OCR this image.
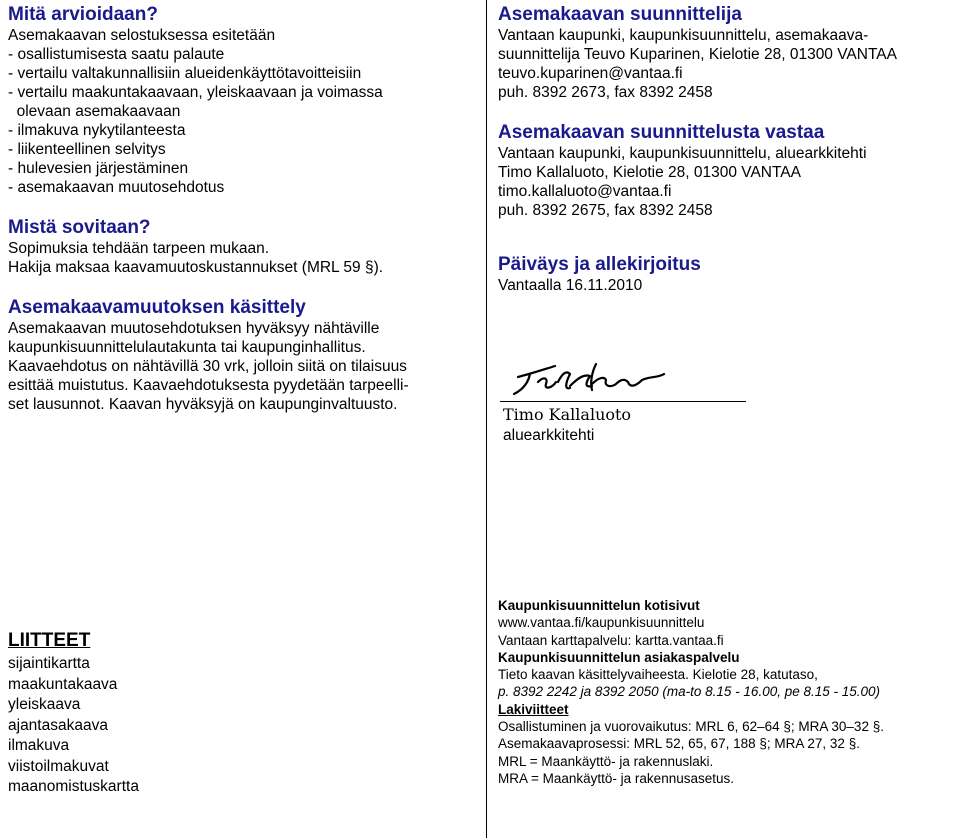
Mitä arvioidaan?

Asemakaavan selostuksessa esitetään

- osallistumisesta saatu palaute

- vertailu valtakunnallisiin alueidenkäyttötavoitteisiin

- vertailu maakuntakaavaan, yleiskaavaan ja voimassa

olevaan asemakaavaan

- ilmakuva nykytilanteesta

- liikenteellinen selvitys

- hulevesien järjestäminen

- asemakaavan muutosehdotus

Mistä sovitaan?

Sopimuksia tehdään tarpeen mukaan.

Hakija maksaa kaavamuutoskustannukset (MRL 59 §).

Asemakaavamuutoksen käsittely

Asemakaavan muutosehdotuksen hyväksyy nähtäville

kaupunkisuunnittelulautakunta tai kaupunginhallitus.

Kaavaehdotus on nähtävillä 30 vrk, jolloin siitä on tilaisuus

esittää muistutus. Kaavaehdotuksesta pyydetään tarpeelli-

set lausunnot. Kaavan hyväksyjä on kaupunginvaltuusto.

Asemakaavan suunnittelija

Vantaan kaupunki, kaupunkisuunnittelu, asemakaava-

suunnittelija Teuvo Kuparinen, Kielotie 28, 01300 VANTAA

teuvo.kuparinen@vantaa.fi

puh. 8392 2673, fax 8392 2458

Asemakaavan suunnittelusta vastaa

Vantaan kaupunki, kaupunkisuunnittelu, aluearkkitehti

Timo Kallaluoto, Kielotie 28, 01300 VANTAA

timo.kallaluoto@vantaa.fi

puh. 8392 2675, fax 8392 2458

Päiväys ja allekirjoitus

Vantaalla 16.11.2010

Timo Kallaluoto
aluearkkitehti
LIITTEET
sijaintikartta
maakuntakaava
yleiskaava
ajantasakaava
ilmakuva
viistoilmakuvat
maanomistuskartta

Kaupunkisuunnittelun kotisivut

www.vantaa.fi/kaupunkisuunnittelu

Vantaan karttapalvelu: kartta.vantaa.fi

Kaupunkisuunnittelun asiakaspalvelu

Tieto kaavan käsittelyvaiheesta. Kielotie 28, katutaso,

p. 8392 2242 ja 8392 2050 (ma-to 8.15 - 16.00, pe 8.15 - 15.00)

Lakiviitteet

Osallistuminen ja vuorovaikutus: MRL 6, 62–64 §; MRA 30–32 §.

Asemakaavaprosessi: MRL 52, 65, 67, 188 §; MRA 27, 32 §.

MRL = Maankäyttö- ja rakennuslaki.

MRA = Maankäyttö- ja rakennusasetus.
